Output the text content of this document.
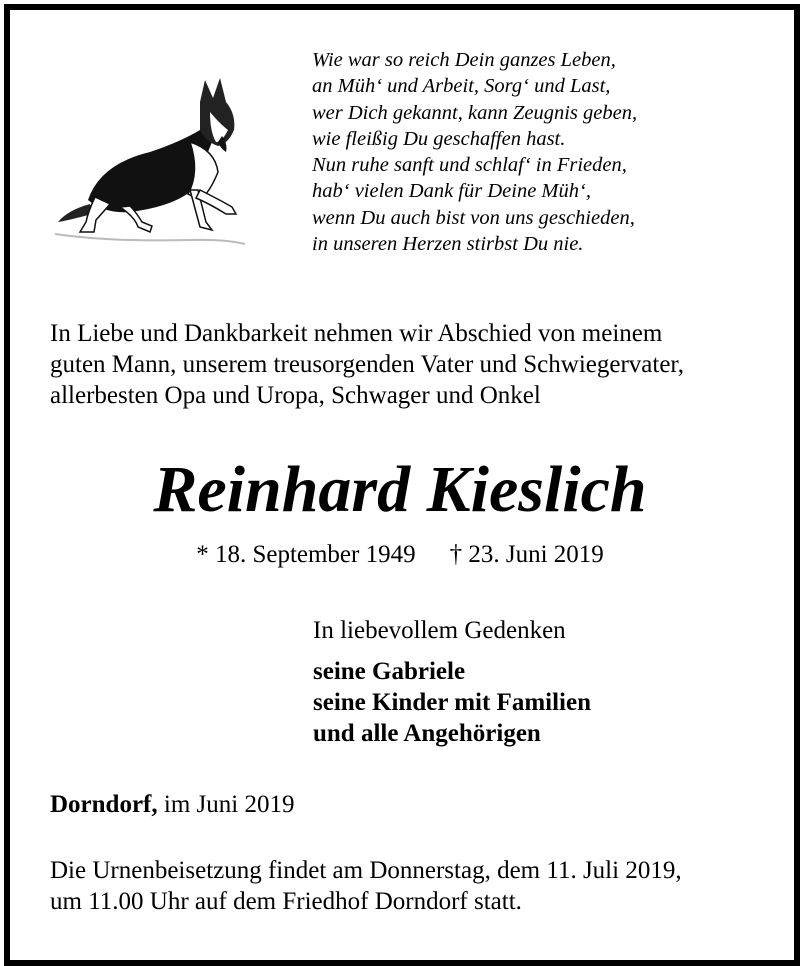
Wie war so reich Dein ganzes Leben,
an Müh‘ und Arbeit, Sorg‘ und Last,
wer Dich gekannt, kann Zeugnis geben,
wie fleißig Du geschaffen hast.
Nun ruhe sanft und schlaf‘ in Frieden,
hab‘ vielen Dank für Deine Müh‘,
wenn Du auch bist von uns geschieden,
in unseren Herzen stirbst Du nie.
In Liebe und Dankbarkeit nehmen wir Abschied von meinem
guten Mann, unserem treusorgenden Vater und Schwiegervater,
allerbesten Opa und Uropa, Schwager und Onkel
Reinhard Kieslich
* 18. September 1949 † 23. Juni 2019
In liebevollem Gedenken
seine Gabriele
seine Kinder mit Familien
und alle Angehörigen
Dorndorf, im Juni 2019
Die Urnenbeisetzung findet am Donnerstag, dem 11. Juli 2019,
um 11.00 Uhr auf dem Friedhof Dorndorf statt.
